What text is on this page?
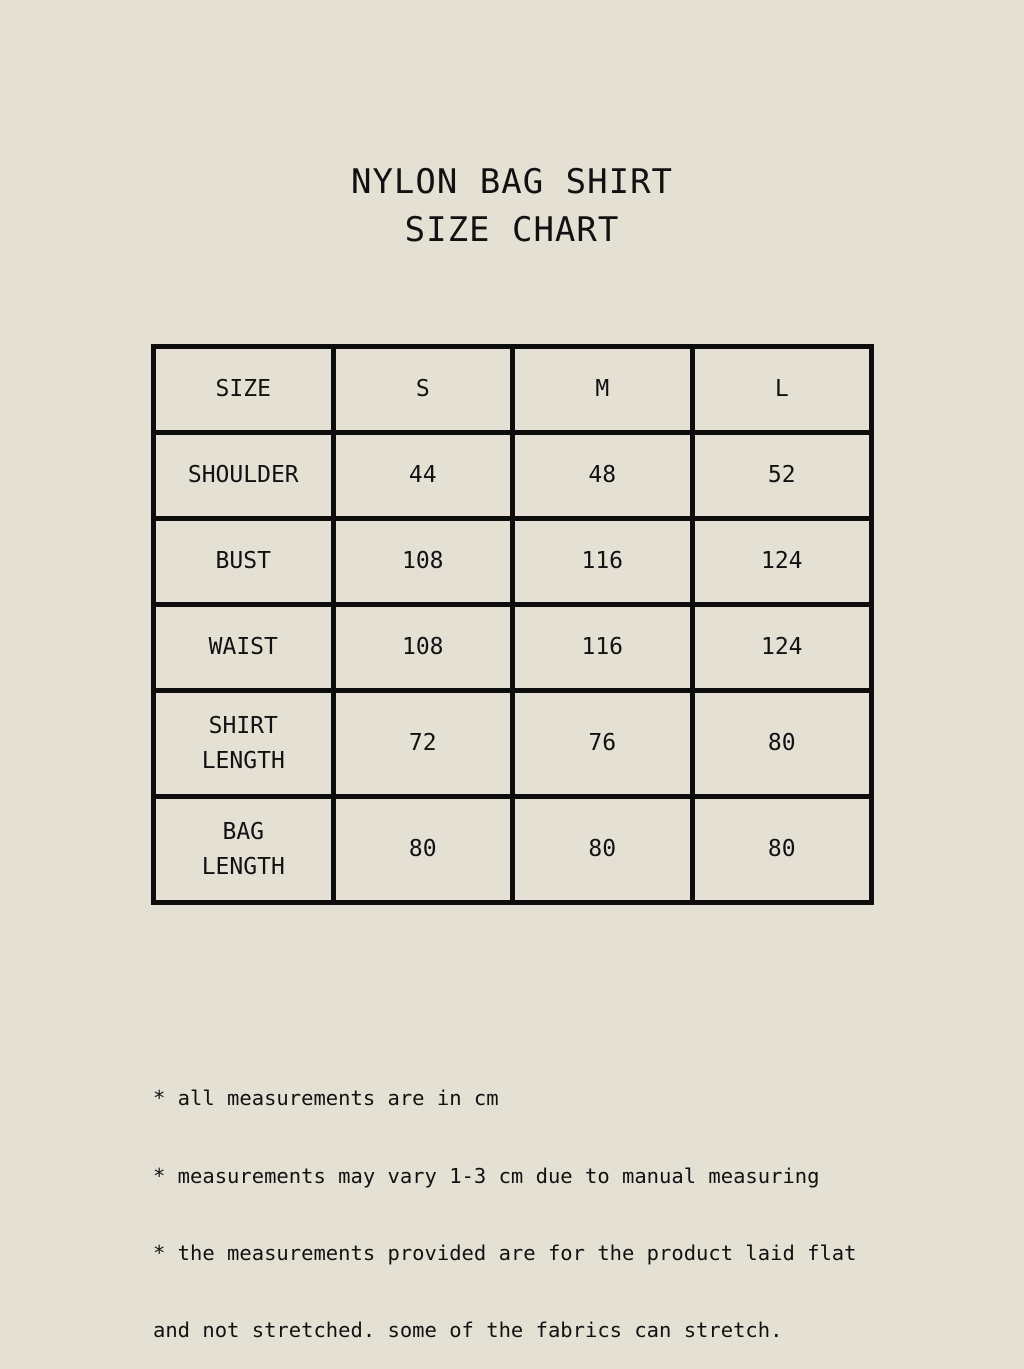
NYLON BAG SHIRT
SIZE CHART
SIZE	S	M	L
SHOULDER	44	48	52
BUST	108	116	124
WAIST	108	116	124

SHIRT
LENGTH	72	76	80

BAG
LENGTH	80	80	80

* all measurements are in cm

* measurements may vary 1-3 cm due to manual measuring

* the measurements provided are for the product laid flat

and not stretched. some of the fabrics can stretch.
